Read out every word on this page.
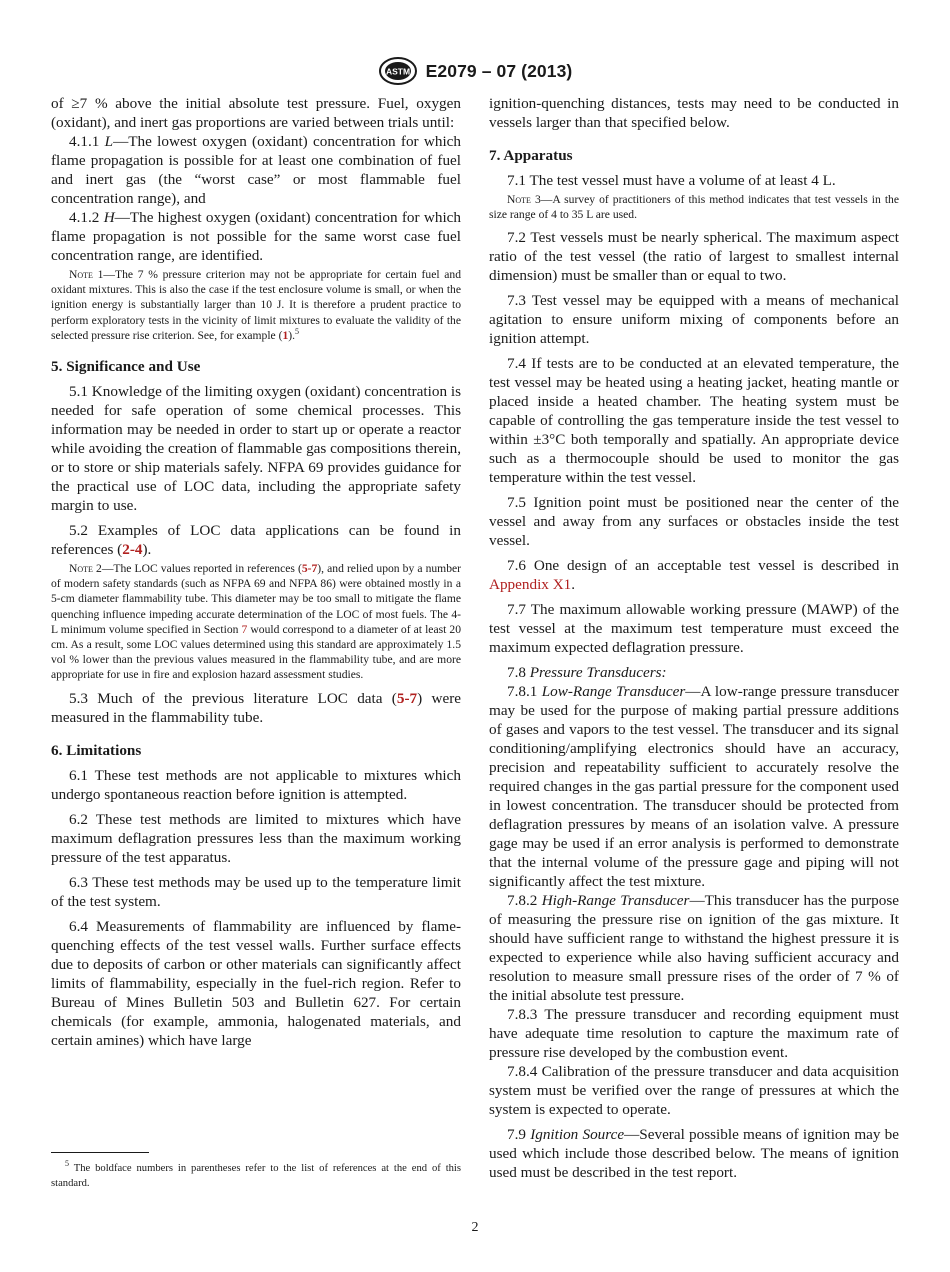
ASTM E2079 – 07 (2013)

of ≥7 % above the initial absolute test pressure. Fuel, oxygen (oxidant), and inert gas proportions are varied between trials until:

4.1.1 L—The lowest oxygen (oxidant) concentration for which flame propagation is possible for at least one combination of fuel and inert gas (the “worst case” or most flammable fuel concentration range), and

4.1.2 H—The highest oxygen (oxidant) concentration for which flame propagation is not possible for the same worst case fuel concentration range, are identified.

Note 1—The 7 % pressure criterion may not be appropriate for certain fuel and oxidant mixtures. This is also the case if the test enclosure volume is small, or when the ignition energy is substantially larger than 10 J. It is therefore a prudent practice to perform exploratory tests in the vicinity of limit mixtures to evaluate the validity of the selected pressure rise criterion. See, for example (1).$^5$

5. Significance and Use

5.1 Knowledge of the limiting oxygen (oxidant) concentration is needed for safe operation of some chemical processes. This information may be needed in order to start up or operate a reactor while avoiding the creation of flammable gas compositions therein, or to store or ship materials safely. NFPA 69 provides guidance for the practical use of LOC data, including the appropriate safety margin to use.

5.2 Examples of LOC data applications can be found in references (2-4).

Note 2—The LOC values reported in references (5-7), and relied upon by a number of modern safety standards (such as NFPA 69 and NFPA 86) were obtained mostly in a 5-cm diameter flammability tube. This diameter may be too small to mitigate the flame quenching influence impeding accurate determination of the LOC of most fuels. The 4-L minimum volume specified in Section 7 would correspond to a diameter of at least 20 cm. As a result, some LOC values determined using this standard are approximately 1.5 vol % lower than the previous values measured in the flammability tube, and are more appropriate for use in fire and explosion hazard assessment studies.

5.3 Much of the previous literature LOC data (5-7) were measured in the flammability tube.

6. Limitations

6.1 These test methods are not applicable to mixtures which undergo spontaneous reaction before ignition is attempted.

6.2 These test methods are limited to mixtures which have maximum deflagration pressures less than the maximum working pressure of the test apparatus.

6.3 These test methods may be used up to the temperature limit of the test system.

6.4 Measurements of flammability are influenced by flame-quenching effects of the test vessel walls. Further surface effects due to deposits of carbon or other materials can significantly affect limits of flammability, especially in the fuel-rich region. Refer to Bureau of Mines Bulletin 503 and Bulletin 627. For certain chemicals (for example, ammonia, halogenated materials, and certain amines) which have large

$^5$ The boldface numbers in parentheses refer to the list of references at the end of this standard.

ignition-quenching distances, tests may need to be conducted in vessels larger than that specified below.

7. Apparatus

7.1 The test vessel must have a volume of at least 4 L.

Note 3—A survey of practitioners of this method indicates that test vessels in the size range of 4 to 35 L are used.

7.2 Test vessels must be nearly spherical. The maximum aspect ratio of the test vessel (the ratio of largest to smallest internal dimension) must be smaller than or equal to two.

7.3 Test vessel may be equipped with a means of mechanical agitation to ensure uniform mixing of components before an ignition attempt.

7.4 If tests are to be conducted at an elevated temperature, the test vessel may be heated using a heating jacket, heating mantle or placed inside a heated chamber. The heating system must be capable of controlling the gas temperature inside the test vessel to within ±3°C both temporally and spatially. An appropriate device such as a thermocouple should be used to monitor the gas temperature within the test vessel.

7.5 Ignition point must be positioned near the center of the vessel and away from any surfaces or obstacles inside the test vessel.

7.6 One design of an acceptable test vessel is described in Appendix X1.

7.7 The maximum allowable working pressure (MAWP) of the test vessel at the maximum test temperature must exceed the maximum expected deflagration pressure.

7.8 Pressure Transducers:

7.8.1 Low-Range Transducer—A low-range pressure transducer may be used for the purpose of making partial pressure additions of gases and vapors to the test vessel. The transducer and its signal conditioning/amplifying electronics should have an accuracy, precision and repeatability sufficient to accurately resolve the required changes in the gas partial pressure for the component used in lowest concentration. The transducer should be protected from deflagration pressures by means of an isolation valve. A pressure gage may be used if an error analysis is performed to demonstrate that the internal volume of the pressure gage and piping will not significantly affect the test mixture.

7.8.2 High-Range Transducer—This transducer has the purpose of measuring the pressure rise on ignition of the gas mixture. It should have sufficient range to withstand the highest pressure it is expected to experience while also having sufficient accuracy and resolution to measure small pressure rises of the order of 7 % of the initial absolute test pressure.

7.8.3 The pressure transducer and recording equipment must have adequate time resolution to capture the maximum rate of pressure rise developed by the combustion event.

7.8.4 Calibration of the pressure transducer and data acquisition system must be verified over the range of pressures at which the system is expected to operate.

7.9 Ignition Source—Several possible means of ignition may be used which include those described below. The means of ignition used must be described in the test report.

2
